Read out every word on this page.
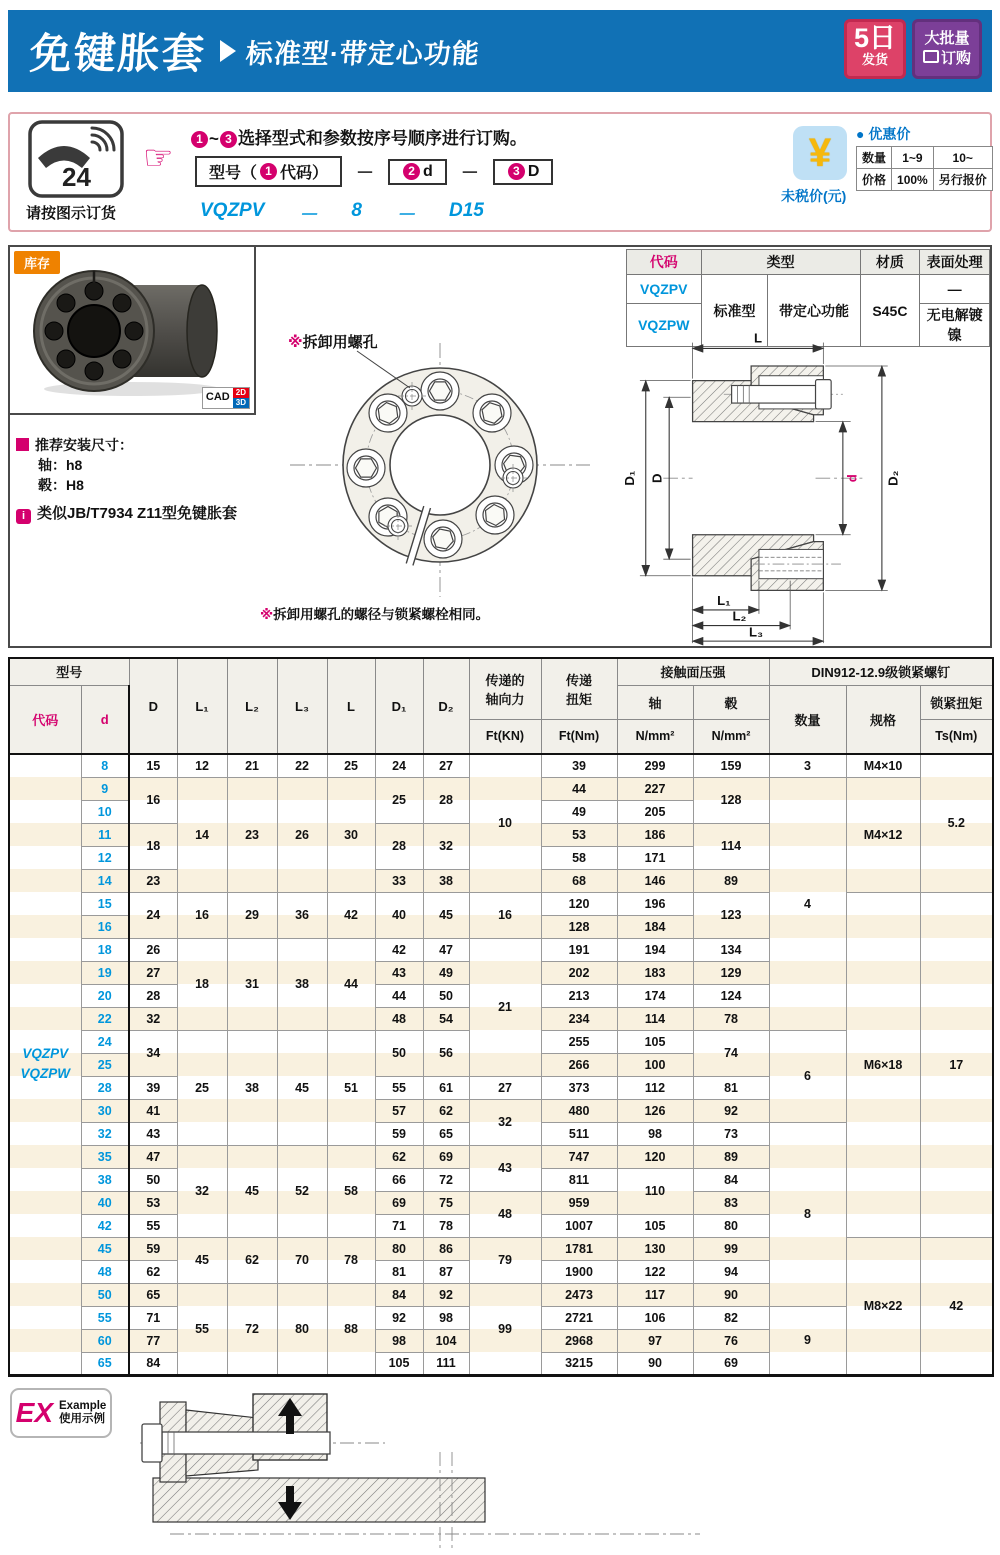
免键胀套 标准型·带定心功能
5日
发货
大批量
订购
24
请按图示订货
☞	1 ~ 3 选择型式和参数按序号顺序进行订购。
型号（ 1 代码） －	2 d －	3 D
VQZPV － 8 － D15
¥
未税价(元)
● 优惠价
数量	1~9	10~
价格	100%	另行报价
库存
CAD 2D
3D
推荐安装尺寸：
轴：h8
毂：H8
i 类似JB/T7934 Z11型免键胀套
代码	类型		材质	表面处理
VQZPV	标准型	带定心功能	S45C	—
VQZPW				无电解镀镍
※拆卸用螺孔
※拆卸用螺孔的螺径与锁紧螺栓相同。
L
D₁ D	d D₂
L₁
L₂
L₃
型号	D	L₁	L₂	L₃	L	D₁	D₂	
传递的
轴向力

传递
扭矩
	接触面压强	DIN912-12.9级锁紧螺钉
代码	d										轴	毂	数量	规格	锁紧扭矩
									Ft(KN)	Ft(Nm)	N/mm²	N/mm²			Ts(Nm)

VQZPV
VQZPW	8	15	12	21	22	25	24	27	10	39	299	159	3	M4×10	5.2
	9	16	14	23	26	30	25	28		44	227	128	4	M4×12	
	10									49	205				
	11	18					28	32		53	186	114			
	12									58	171				
	14	23					33	38		68	146	89			
	15	24	16	29	36	42	40	45	16	120	196	123		M6×18	17
	16									128	184				
	18	26	18	31	38	44	42	47	21	191	194	134			
	19	27					43	49		202	183	129			
	20	28					44	50		213	174	124			
	22	32					48	54		234	114	78			
	24	34	25	38	45	51	50	56		255	105	74	6		
	25									266	100				
	28	39					55	61	27	373	112	81			
	30	41					57	62	32	480	126	92			
	32	43					59	65		511	98	73	8		
	35	47	32	45	52	58	62	69	43	747	120	89			
	38	50					66	72		811	110	84			
	40	53					69	75	48	959		83			
	42	55					71	78		1007	105	80			
	45	59	45	62	70	78	80	86	79	1781	130	99		M8×22	42
	48	62					81	87		1900	122	94			
	50	65	55	72	80	88	84	92	99	2473	117	90			
	55	71					92	98		2721	106	82	9		
	60	77					98	104		2968	97	76			
	65	84					105	111		3215	90	69			
EX Example
使用示例
